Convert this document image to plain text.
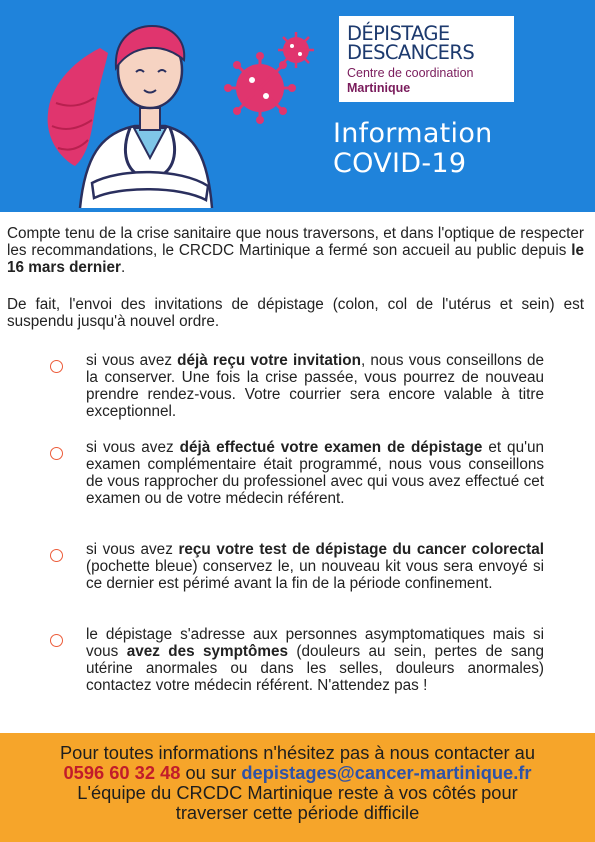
DÉPISTAGE
DESCANCERS
Centre de coordination
Martinique
Information
COVID-19

Compte tenu de la crise sanitaire que nous traversons, et dans l'optique de respecter les recommandations, le CRCDC Martinique a fermé son accueil au public depuis le 16 mars dernier.

De fait, l'envoi des invitations de dépistage (colon, col de l'utérus et sein) est suspendu jusqu'à nouvel ordre.

si vous avez déjà reçu votre invitation, nous vous conseillons de la conserver. Une fois la crise passée, vous pourrez de nouveau prendre rendez-vous. Votre courrier sera encore valable à titre exceptionnel.

si vous avez déjà effectué votre examen de dépistage et qu'un examen complémentaire était programmé, nous vous conseillons de vous rapprocher du professionel avec qui vous avez effectué cet examen ou de votre médecin référent.

si vous avez reçu votre test de dépistage du cancer colorectal (pochette bleue) conservez le, un nouveau kit vous sera envoyé si ce dernier est périmé avant la fin de la période confinement.

le dépistage s'adresse aux personnes asymptomatiques mais si vous avez des symptômes (douleurs au sein, pertes de sang utérine anormales ou dans les selles, douleurs anormales) contactez votre médecin référent. N'attendez pas !

Pour toutes informations n'hésitez pas à nous contacter au
0596 60 32 48 ou sur depistages@cancer-martinique.fr
L'équipe du CRCDC Martinique reste à vos côtés pour
traverser cette période difficile
